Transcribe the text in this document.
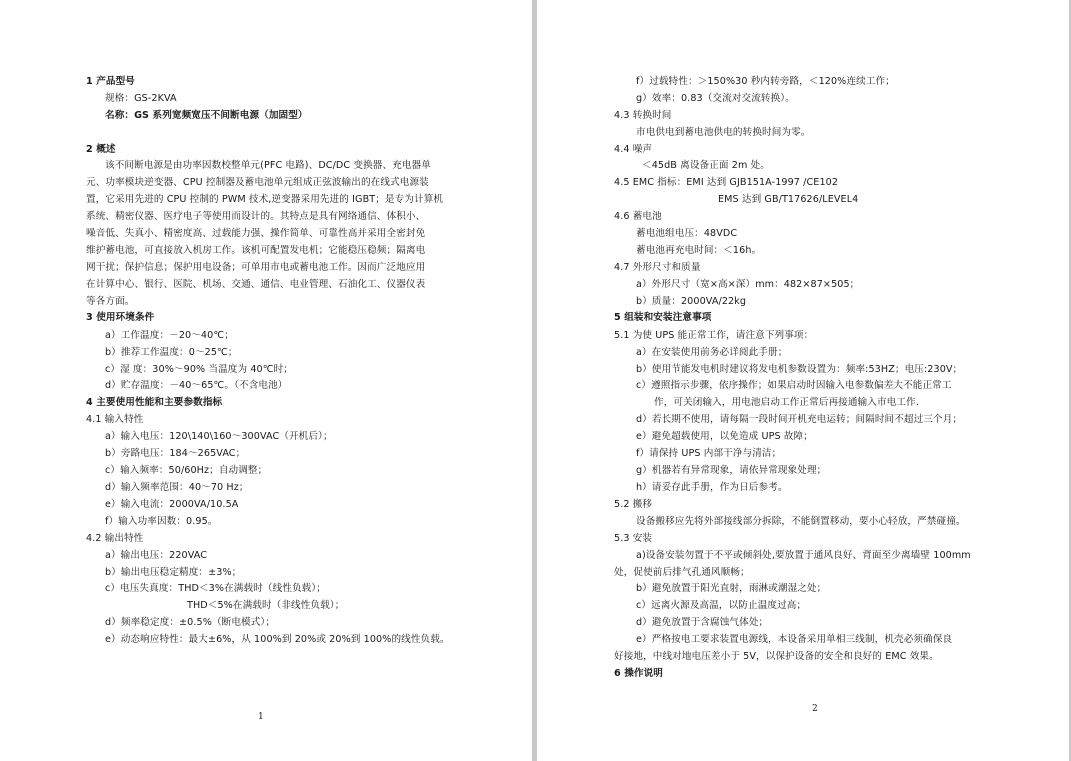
1 产品型号
规格：GS-2KVA
名称：GS 系列宽频宽压不间断电源（加固型）
2 概述
该不间断电源是由功率因数校整单元(PFC 电路)、DC/DC 变换器、充电器单
元、功率模块逆变器、CPU 控制器及蓄电池单元组成正弦波输出的在线式电源装
置，它采用先进的 CPU 控制的 PWM 技术,逆变器采用先进的 IGBT；是专为计算机
系统、精密仪器、医疗电子等使用而设计的。其特点是具有网络通信、体积小、
噪音低、失真小、精密度高、过载能力强、操作简单、可靠性高并采用全密封免
维护蓄电池，可直接放入机房工作。该机可配置发电机；它能稳压稳频；隔离电
网干扰；保护信息；保护用电设备；可单用市电或蓄电池工作。因而广泛地应用
在计算中心、银行、医院、机场、交通、通信、电业管理、石油化工、仪器仪表
等各方面。
3 使用环境条件
a）工作温度：－20～40℃；
b）推荐工作温度：0～25℃；
c）湿 度：30%～90% 当温度为 40℃时；
d）贮存温度：－40～65℃。（不含电池）
4 主要使用性能和主要参数指标
4.1 输入特性
a）输入电压：120\140\160～300VAC（开机后）；
b）旁路电压：184～265VAC；
c）输入频率：50/60Hz；自动调整；
d）输入频率范围：40～70 Hz；
e）输入电流：2000VA/10.5A
f）输入功率因数：0.95。
4.2 输出特性
a）输出电压：220VAC
b）输出电压稳定精度：±3%；
c）电压失真度：THD＜3%在满载时（线性负载）；
THD＜5%在满载时（非线性负载）；
d）频率稳定度：±0.5%（断电模式）；
e）动态响应特性：最大±6%，从 100%到 20%或 20%到 100%的线性负载。
1
f）过载特性：＞150%30 秒内转旁路，＜120%连续工作；
g）效率：0.83（交流对交流转换）。
4.3 转换时间
市电供电到蓄电池供电的转换时间为零。
4.4 噪声
＜45dB 离设备正面 2m 处。
4.5 EMC 指标：EMI 达到 GJB151A-1997 /CE102
EMS 达到 GB/T17626/LEVEL4
4.6 蓄电池
蓄电池组电压：48VDC
蓄电池再充电时间：＜16h。
4.7 外形尺寸和质量
a）外形尺寸（宽×高×深）mm：482×87×505；
b）质量：2000VA/22kg
5 组装和安装注意事项
5.1 为使 UPS 能正常工作，请注意下列事项：
a）在安装使用前务必详阅此手册；
b）使用节能发电机时建议将发电机参数设置为：频率:53HZ；电压:230V；
c）遵照指示步骤，依序操作；如果启动时因输入电参数偏差大不能正常工
作，可关闭输入，用电池启动工作正常后再接通输入市电工作.
d）若长期不使用，请每隔一段时间开机充电运转；间隔时间不超过三个月；
e）避免超载使用，以免造成 UPS 故障；
f）请保持 UPS 内部干净与清洁；
g）机器若有异常现象，请依异常现象处理；
h）请妥存此手册，作为日后参考。
5.2 搬移
设备搬移应先将外部接线部分拆除，不能倒置移动，要小心轻放，严禁碰撞。
5.3 安装
a)设备安装勿置于不平或倾斜处,要放置于通风良好、背面至少离墙壁 100mm
处，促使前后排气孔通风顺畅；
b）避免放置于阳光直射，雨淋或潮湿之处；
c）远离火源及高温，以防止温度过高；
d）避免放置于含腐蚀气体处；
e）严格按电工要求装置电源线，本设备采用单相三线制，机壳必须确保良
好接地，中线对地电压差小于 5V，以保护设备的安全和良好的 EMC 效果。
6 操作说明
2
